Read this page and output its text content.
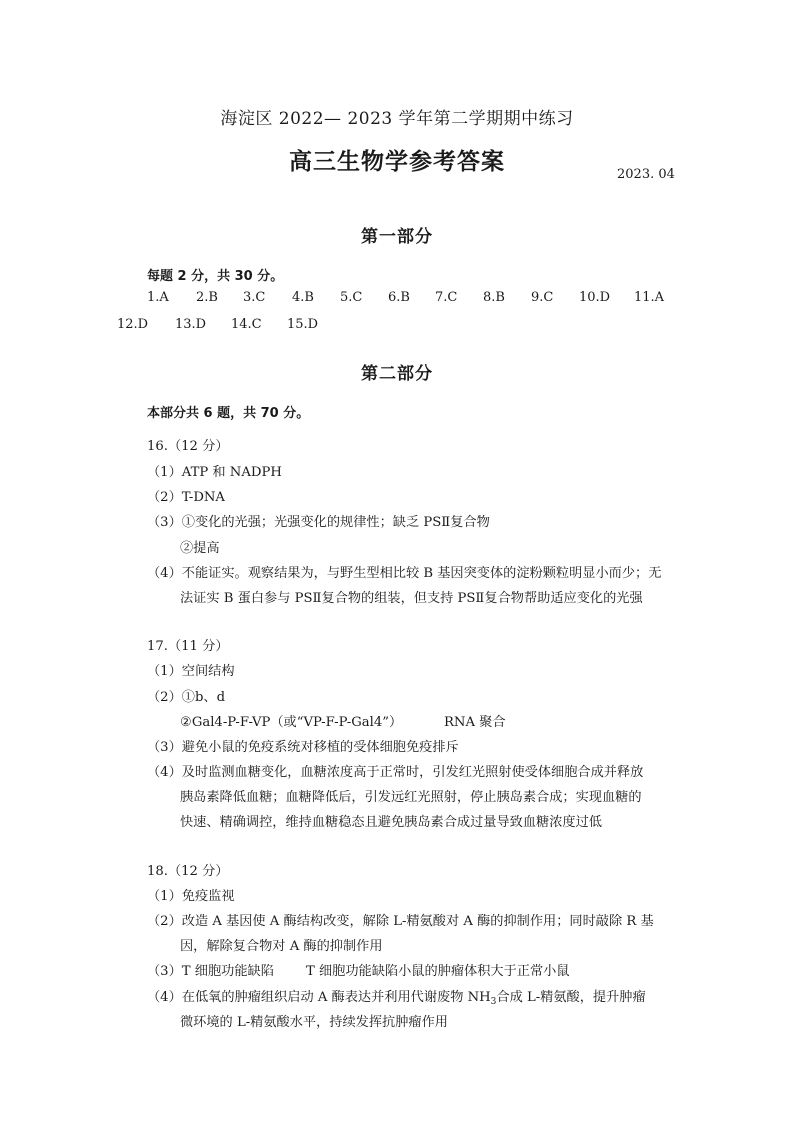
海淀区 2022— 2023 学年第二学期期中练习
高三生物学参考答案	2023. 04
第一部分
每题 2 分，共 30 分。
1.A 2.B 3.C 4.B 5.C 6.B 7.C 8.B 9.C 10.D 11.A
12.D 13.D 14.C 15.D
第二部分
本部分共 6 题，共 70 分。
16.（12 分）
（1）ATP 和 NADPH
（2）T-DNA
（3）①变化的光强；光强变化的规律性；缺乏 PSⅡ复合物
②提高
（4）不能证实。观察结果为，与野生型相比较 B 基因突变体的淀粉颗粒明显小而少；无
法证实 B 蛋白参与 PSⅡ复合物的组装，但支持 PSⅡ复合物帮助适应变化的光强
17.（11 分）
（1）空间结构
（2）①b、d
②Gal4-P-F-VP（或“VP-F-P-Gal4”）	RNA 聚合
（3）避免小鼠的免疫系统对移植的受体细胞免疫排斥
（4）及时监测血糖变化，血糖浓度高于正常时，引发红光照射使受体细胞合成并释放
胰岛素降低血糖；血糖降低后，引发远红光照射，停止胰岛素合成；实现血糖的
快速、精确调控，维持血糖稳态且避免胰岛素合成过量导致血糖浓度过低
18.（12 分）
（1）免疫监视
（2）改造 A 基因使 A 酶结构改变，解除 L-精氨酸对 A 酶的抑制作用；同时敲除 R 基
因，解除复合物对 A 酶的抑制作用
（3）T 细胞功能缺陷 T 细胞功能缺陷小鼠的肿瘤体积大于正常小鼠
（4）在低氧的肿瘤组织启动 A 酶表达并利用代谢废物 $NH_3$合成 L-精氨酸，提升肿瘤
微环境的 L-精氨酸水平，持续发挥抗肿瘤作用
